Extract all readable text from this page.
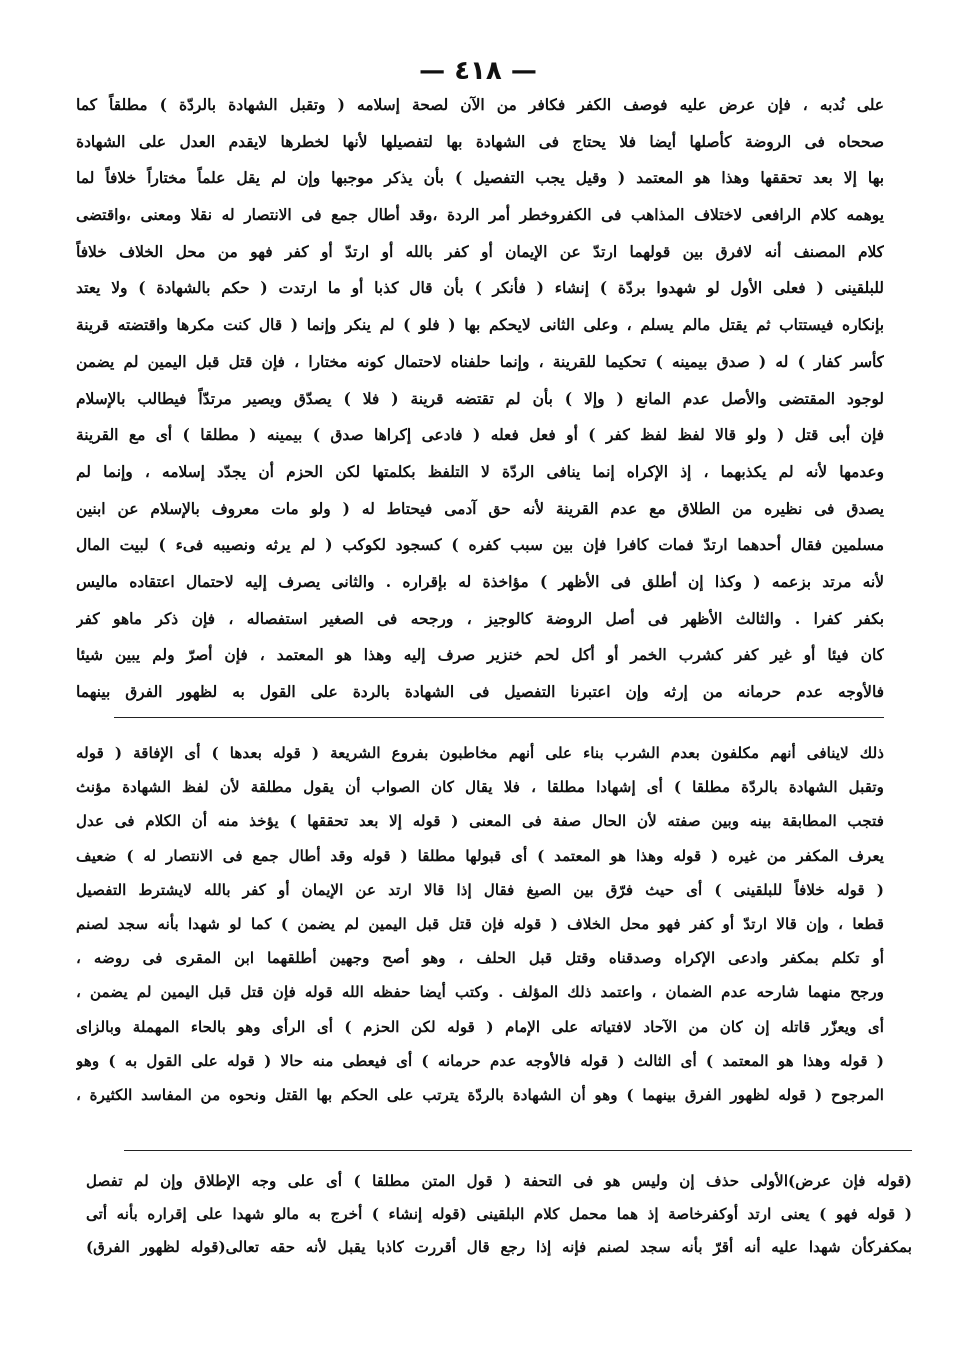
— ٤١٨ —
على نُدبه ، فإن عرض عليه فوصف الكفر فكافر من الآن لصحة إسلامه ( وتقبل الشهادة بالردّة ) مطلقاً كما
صححاه فى الروضة كأصلها أيضا فلا يحتاج فى الشهادة بها لتفصيلها لأنها لخطرها لايقدم العدل على الشهادة
بها إلا بعد تحققها وهذا هو المعتمد ( وقيل يجب التفصيل ) بأن يذكر موجبها وإن لم يقل علماً مختاراً خلافاً لما
يوهمه كلام الرافعى لاختلاف المذاهب فى الكفروخطر أمر الردة ،وقد أطال جمع فى الانتصار له نقلا ومعنى ،واقتضى
كلام المصنف أنه لافرق بين قولهما ارتدّ عن الإيمان أو كفر بالله أو ارتدّ أو كفر فهو من محل الخلاف خلافاً
للبلقينى ( فعلى الأول لو شهدوا بردّة ) إنشاء ( فأنكر ) بأن قال كذبا أو ما ارتدت ( حكم بالشهادة ) ولا يعتد
بإنكاره فيستتاب ثم يقتل مالم يسلم ، وعلى الثانى لايحكم بها ( فلو ) لم ينكر وإنما ( قال كنت مكرها واقتضته قرينة
كأسر كفار ) له ( صدق بيمينه ) تحكيما للقرينة ، وإنما حلفناه لاحتمال كونه مختارا ، فإن قتل قبل اليمين لم يضمن
لوجود المقتضى والأصل عدم المانع ( وإلا ) بأن لم تقتضه قرينة ( فلا ) يصدّق ويصير مرتدّاً فيطالب بالإسلام
فإن أبى قتل ( ولو قالا لفظ لفظ كفر ) أو فعل فعله ( فادعى إكراها صدق ) بيمينه ( مطلقا ) أى مع القرينة
وعدمها لأنه لم يكذبهما ، إذ الإكراه إنما ينافى الردّة لا التلفظ بكلمتها لكن الحزم أن يجدّد إسلامه ، وإنما لم
يصدق فى نظيره من الطلاق مع عدم القرينة لأنه حق آدمى فيحتاط له ( ولو مات معروف بالإسلام عن ابنين
مسلمين فقال أحدهما ارتدّ فمات كافرا فإن بين سبب كفره ) كسجود لكوكب ( لم يرثه ونصيبه فىء ) لبيت المال
لأنه مرتد بزعمه ( وكذا إن أطلق فى الأظهر ) مؤاخذة له بإقراره . والثانى يصرف إليه لاحتمال اعتقاده ماليس
بكفر كفرا . والثالث الأظهر فى أصل الروضة كالوجيز ، ورجحه فى الصغير استفصاله ، فإن ذكر ماهو كفر
كان فيئا أو غير كفر كشرب الخمر أو أكل لحم خنزير صرف إليه وهذا هو المعتمد ، فإن أصرّ ولم يبين شيئا
فالأوجه عدم حرمانه من إرثه وإن اعتبرنا التفصيل فى الشهادة بالردة على القول به لظهور الفرق بينهما
ذلك لاينافى أنهم مكلفون بعدم الشرب بناء على أنهم مخاطبون بفروع الشريعة ( قوله بعدها ) أى الإفاقة ( قوله
وتقبل الشهادة بالردّة مطلقا ) أى إشهادا مطلقا ، فلا يقال كان الصواب أن يقول مطلقة لأن لفظ الشهادة مؤنث
فتجب المطابقة بينه وبين صفته لأن الحال صفة فى المعنى ( قوله إلا بعد تحققها ) يؤخذ منه أن الكلام فى عدل
يعرف المكفر من غيره ( قوله وهذا هو المعتمد ) أى قبولها مطلقا ( قوله وقد أطال جمع فى الانتصار له ) ضعيف
( قوله خلافاً للبلقينى ) أى حيث فرّق بين الصيغ فقال إذا قالا ارتد عن الإيمان أو كفر بالله لايشترط التفصيل
قطعا ، وإن قالا ارتدّ أو كفر فهو محل الخلاف ( قوله فإن قتل قبل اليمين لم يضمن ) كما لو شهدا بأنه سجد لصنم
أو تكلم بمكفر وادعى الإكراه وصدقناه وقتل قبل الحلف ، وهو أصح وجهين أطلقهما ابن المقرى فى روضه ،
ورجح منهما شارحه عدم الضمان ، واعتمد ذلك المؤلف . وكتب أيضا حفظه الله قوله فإن قتل قبل اليمين لم يضمن ،
أى ويعزّر قاتله إن كان من الآحاد لافتياته على الإمام ( قوله لكن الحزم ) أى الرأى وهو بالحاء المهملة وبالزاى
( قوله وهذا هو المعتمد ) أى الثالث ( قوله فالأوجه عدم حرمانه ) أى فيعطى منه حالا ( قوله على القول به ) وهو
المرجوح ( قوله لظهور الفرق بينهما ) وهو أن الشهادة بالردّة يترتب على الحكم بها القتل ونحوه من المفاسد الكثيرة ،
(قوله فإن عرض)الأولى حذف إن وليس هو فى التحفة ( قول المتن مطلقا ) أى على وجه الإطلاق وإن لم تفصل
( قوله فهو ) يعنى ارتد أوكفرخاصة إذ هما محمل كلام البلقينى (قوله إنشاء ) أخرج به مالو شهدا على إقراره بأنه أتى
بمكفركأن شهدا عليه أنه أقرّ بأنه سجد لصنم فإنه إذا رجع قال أقررت كاذبا يقبل لأنه حقه تعالى(قوله لظهور الفرق)
